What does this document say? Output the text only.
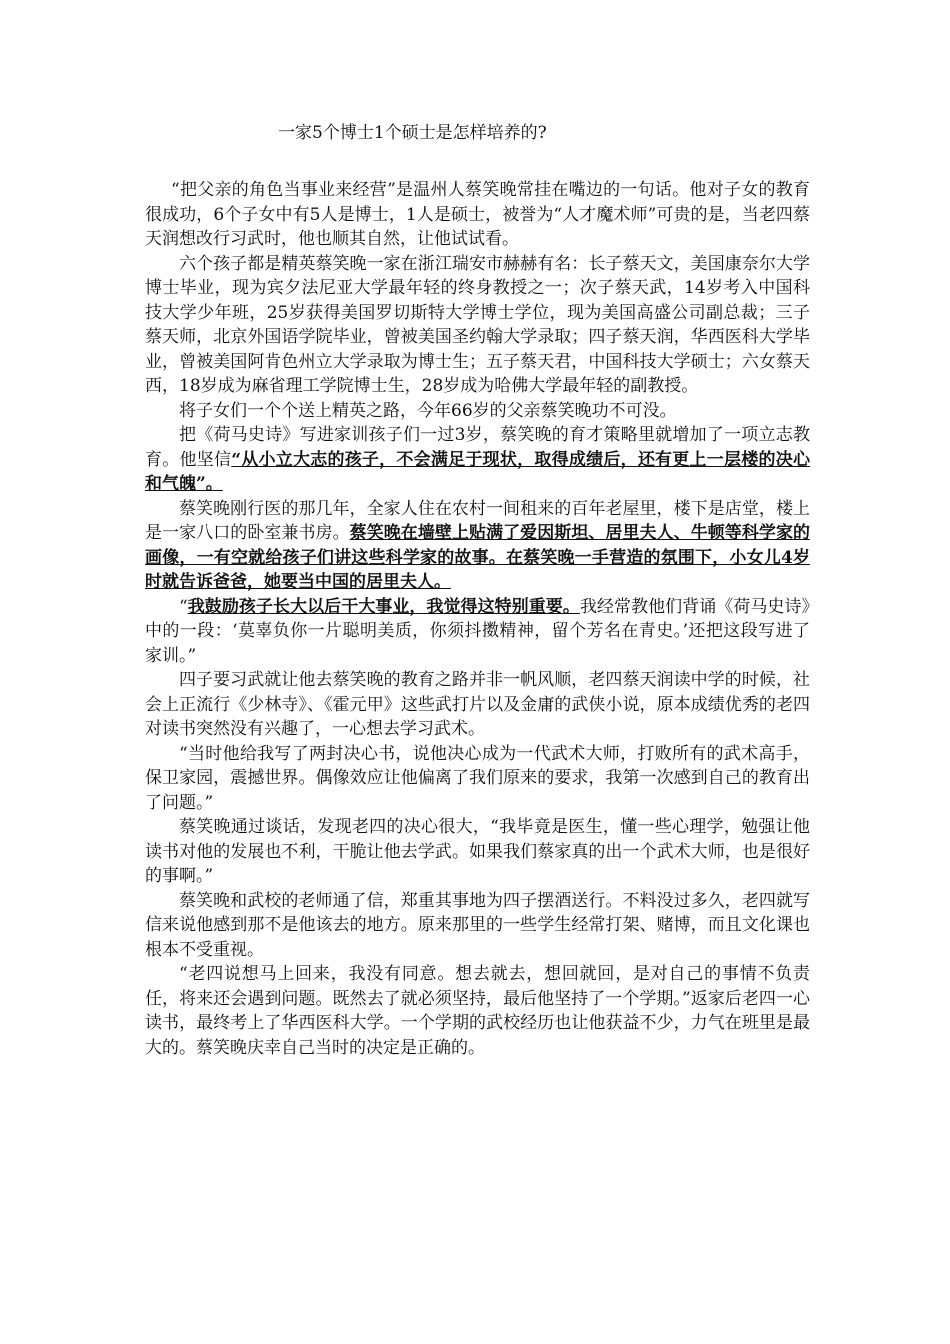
一家5个博士1个硕士是怎样培养的?

“把父亲的角色当事业来经营”是温州人蔡笑晚常挂在嘴边的一句话。他对子女的教育很成功，6个子女中有5人是博士，1人是硕士，被誉为“人才魔术师”可贵的是，当老四蔡天润想改行习武时，他也顺其自然，让他试试看。

六个孩子都是精英蔡笑晚一家在浙江瑞安市赫赫有名：长子蔡天文，美国康奈尔大学博士毕业，现为宾夕法尼亚大学最年轻的终身教授之一；次子蔡天武，14岁考入中国科技大学少年班，25岁获得美国罗切斯特大学博士学位，现为美国高盛公司副总裁；三子蔡天师，北京外国语学院毕业，曾被美国圣约翰大学录取；四子蔡天润，华西医科大学毕业，曾被美国阿肯色州立大学录取为博士生；五子蔡天君，中国科技大学硕士；六女蔡天西，18岁成为麻省理工学院博士生，28岁成为哈佛大学最年轻的副教授。

将子女们一个个送上精英之路，今年66岁的父亲蔡笑晚功不可没。

把《荷马史诗》写进家训孩子们一过3岁，蔡笑晚的育才策略里就增加了一项立志教育。他坚信“从小立大志的孩子，不会满足于现状，取得成绩后，还有更上一层楼的决心和气魄”。

蔡笑晚刚行医的那几年，全家人住在农村一间租来的百年老屋里，楼下是店堂，楼上是一家八口的卧室兼书房。蔡笑晚在墙壁上贴满了爱因斯坦、居里夫人、牛顿等科学家的画像，一有空就给孩子们讲这些科学家的故事。在蔡笑晚一手营造的氛围下，小女儿4岁时就告诉爸爸，她要当中国的居里夫人。

“我鼓励孩子长大以后干大事业，我觉得这特别重要。我经常教他们背诵《荷马史诗》中的一段：‘莫辜负你一片聪明美质，你须抖擞精神，留个芳名在青史。’还把这段写进了家训。”

四子要习武就让他去蔡笑晚的教育之路并非一帆风顺，老四蔡天润读中学的时候，社会上正流行《少林寺》、《霍元甲》这些武打片以及金庸的武侠小说，原本成绩优秀的老四对读书突然没有兴趣了，一心想去学习武术。

“当时他给我写了两封决心书，说他决心成为一代武术大师，打败所有的武术高手，保卫家园，震撼世界。偶像效应让他偏离了我们原来的要求，我第一次感到自己的教育出了问题。”

蔡笑晚通过谈话，发现老四的决心很大，“我毕竟是医生，懂一些心理学，勉强让他读书对他的发展也不利，干脆让他去学武。如果我们蔡家真的出一个武术大师，也是很好的事啊。”

蔡笑晚和武校的老师通了信，郑重其事地为四子摆酒送行。不料没过多久，老四就写信来说他感到那不是他该去的地方。原来那里的一些学生经常打架、赌博，而且文化课也根本不受重视。

“老四说想马上回来，我没有同意。想去就去，想回就回，是对自己的事情不负责任，将来还会遇到问题。既然去了就必须坚持，最后他坚持了一个学期。”返家后老四一心读书，最终考上了华西医科大学。一个学期的武校经历也让他获益不少，力气在班里是最大的。蔡笑晚庆幸自己当时的决定是正确的。
